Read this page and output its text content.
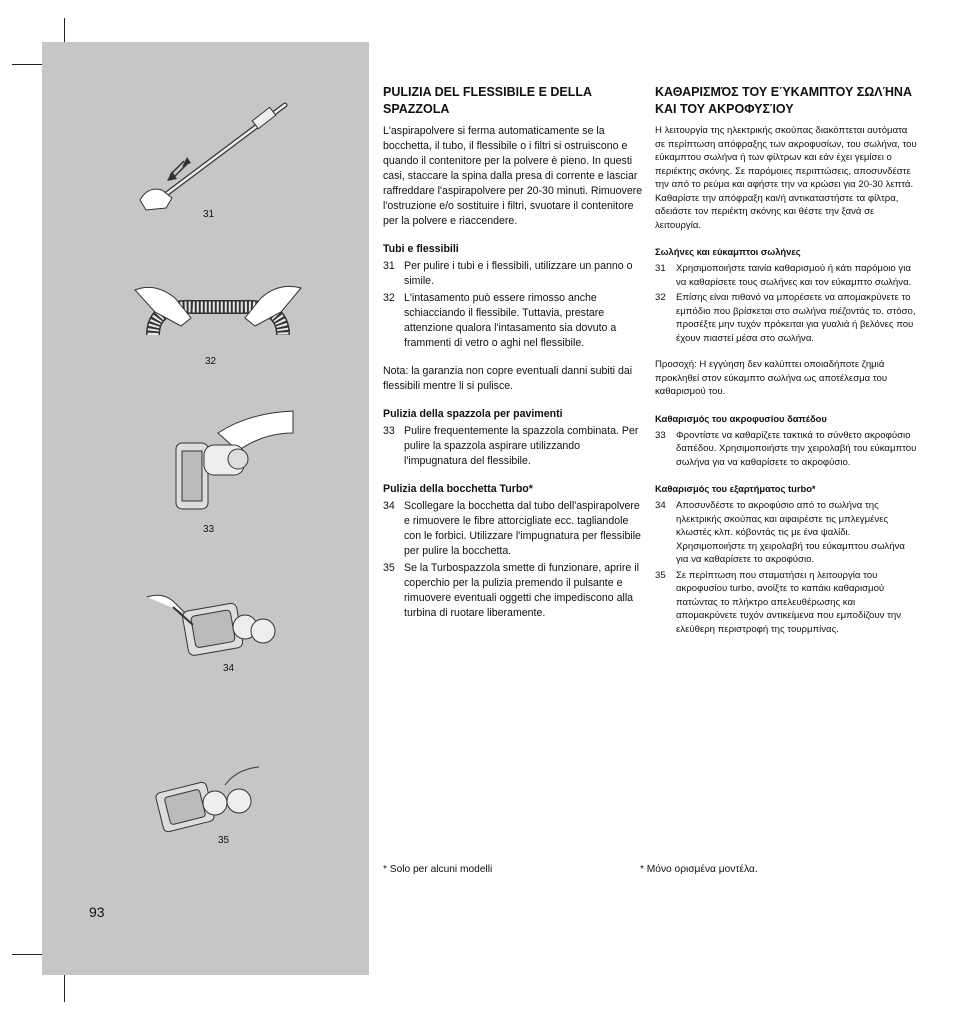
31
32
33
34
35
93
PULIZIA DEL FLESSIBILE E DELLA SPAZZOLA

L'aspirapolvere si ferma automaticamente se la bocchetta, il tubo, il flessibile o i filtri si ostruiscono e quando il contenitore per la polvere è pieno. In questi casi, staccare la spina dalla presa di corrente e lasciar raffreddare l'aspirapolvere per 20-30 minuti. Rimuovere l'ostruzione e/o sostituire i filtri, svuotare il contenitore per la polvere e riaccendere.

Tubi e flessibili
31 Per pulire i tubi e i flessibili, utilizzare un panno o simile.
32 L'intasamento può essere rimosso anche schiacciando il flessibile. Tuttavia, prestare attenzione qualora l'intasamento sia dovuto a frammenti di vetro o aghi nel flessibile.

Nota: la garanzia non copre eventuali danni subiti dai flessibili mentre li si pulisce.

Pulizia della spazzola per pavimenti
33 Pulire frequentemente la spazzola combinata. Per pulire la spazzola aspirare utilizzando l'impugnatura del flessibile.
Pulizia della bocchetta Turbo*
34 Scollegare la bocchetta dal tubo dell'aspirapolvere e rimuovere le fibre attorcigliate ecc. tagliandole con le forbici. Utilizzare l'impugnatura per flessibile per pulire la bocchetta.
35 Se la Turbospazzola smette di funzionare, aprire il coperchio per la pulizia premendo il pulsante e rimuovere eventuali oggetti che impediscono alla turbina di ruotare liberamente.
ΚΑΘΑΡΙΣΜΌΣ ΤΟΥ ΕΎΚΑΜΠΤΟΥ ΣΩΛΉΝΑ ΚΑΙ ΤΟΥ ΑΚΡΟΦΥΣΊΟΥ

Η λειτουργία της ηλεκτρικής σκούπας διακόπτεται αυτόματα σε περίπτωση απόφραξης των ακροφυσίων, του σωλήνα, του εύκαμπτου σωλήνα ή των φίλτρων και εάν έχει γεμίσει ο περιέκτης σκόνης. Σε παρόμοιες περιπτώσεις, αποσυνδέστε την από το ρεύμα και αφήστε την να κρώσει για 20-30 λεπτά. Καθαρίστε την απόφραξη και/ή αντικαταστήστε τα φίλτρα, αδειάστε τον περιέκτη σκόνης και θέστε την ξανά σε λειτουργία.

Σωλήνες και εύκαμπτοι σωλήνες
31 Χρησιμοποιήστε ταινία καθαρισμού ή κάτι παρόμοιο για να καθαρίσετε τους σωλήνες και τον εύκαμπτο σωλήνα.
32 Επίσης είναι πιθανό να μπορέσετε να απομακρύνετε το εμπόδιο που βρίσκεται στο σωλήνα πιέζοντάς το. στόσο, προσέξτε μην τυχόν πρόκειται για γυαλιά ή βελόνες που έχουν πιαστεί μέσα στο σωλήνα.

Προσοχή: Η εγγύηση δεν καλύπτει οποιαδήποτε ζημιά προκληθεί στον εύκαμπτο σωλήνα ως αποτέλεσμα του καθαρισμού του.

Καθαρισμός του ακροφυσίου δαπέδου
33 Φροντίστε να καθαρίζετε τακτικά το σύνθετο ακροφύσιο δαπέδου. Χρησιμοποιήστε την χειρολαβή του εύκαμπτου σωλήνα για να καθαρίσετε το ακροφύσιο.
Καθαρισμός του εξαρτήματος turbo*
34 Αποσυνδέστε το ακροφύσιο από το σωλήνα της ηλεκτρικής σκούπας και αφαιρέστε τις μπλεγμένες κλωστές κλπ. κόβοντάς τις με ένα ψαλίδι. Χρησιμοποιήστε τη χειρολαβή του εύκαμπτου σωλήνα για να καθαρίσετε το ακροφύσιο.
35 Σε περίπτωση που σταματήσει η λειτουργία του ακροφυσίου turbo, ανοίξτε το καπάκι καθαρισμού πατώντας το πλήκτρο απελευθέρωσης και απομακρύνετε τυχόν αντικείμενα που εμποδίζουν την ελεύθερη περιστροφή της τουρμπίνας.
* Solo per alcuni modelli	* Μόνο ορισμένα μοντέλα.
